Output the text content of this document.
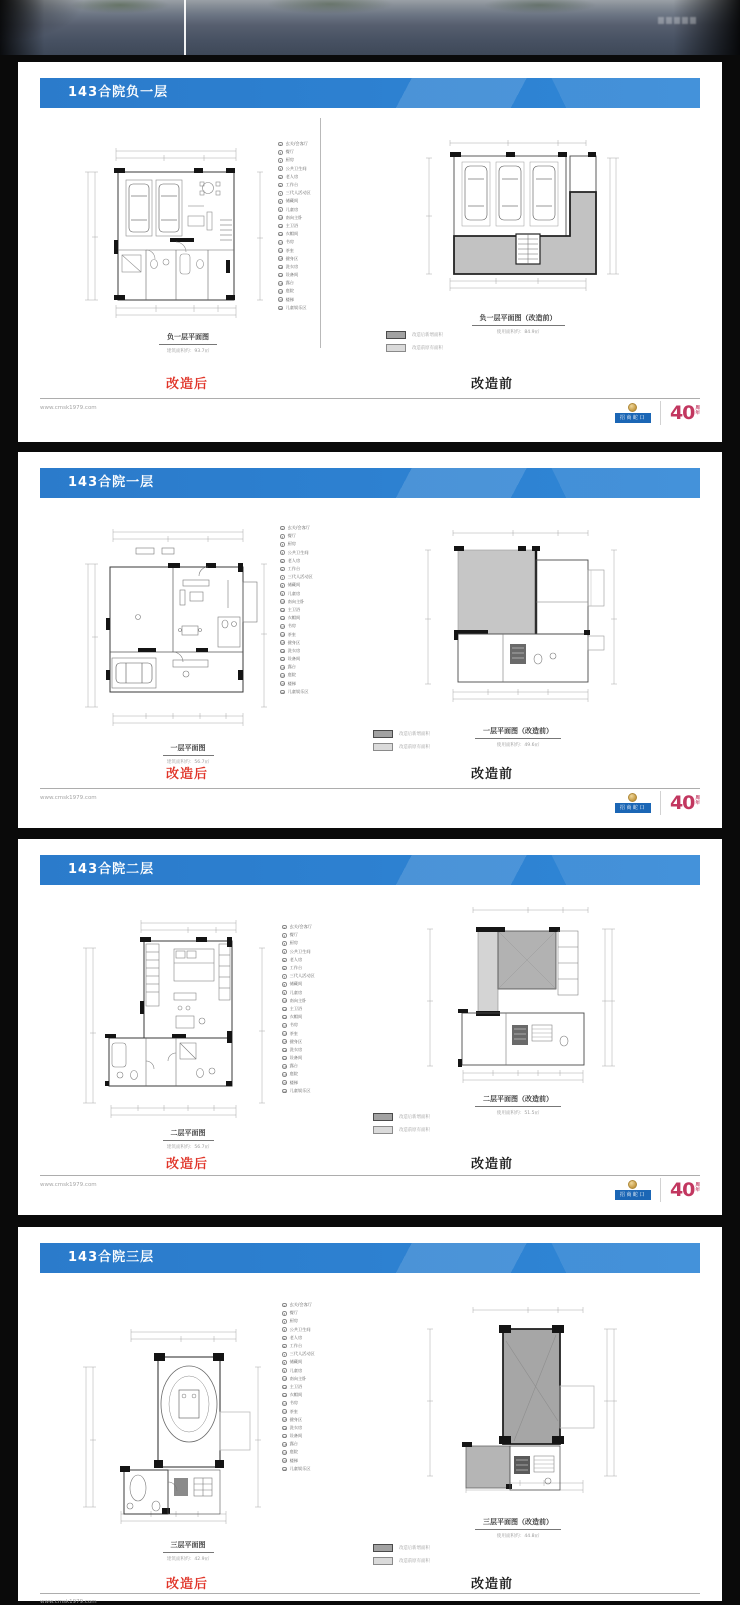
143合院负一层
1	玄关/会客厅
2	餐厅
3	厨房
4	公共卫生间
5	老人房
6	工作台
7	三代人活动区
8	储藏间
9	儿童房
10 南向主卧
11 主卫浴
12 衣帽间
13 书房
14 茶室
15 健身区
16 洗衣房
17 设备间
18 露台
19 庭院
20 楼梯
21 儿童娱乐区
负一层平面图
建筑面积约：93.7㎡
负一层平面图（改造前）
使用面积约：84.9㎡
改造后新增面积
改造前原有面积
改造后	改造前
www.cmsk1979.com
招商蛇口 40 周
年
143合院一层
1	玄关/会客厅
2	餐厅
3	厨房
4	公共卫生间
5	老人房
6	工作台
7	三代人活动区
8	储藏间
9	儿童房
10 南向主卧
11 主卫浴
12 衣帽间
13 书房
14 茶室
15 健身区
16 洗衣房
17 设备间
18 露台
19 庭院
20 楼梯
21 儿童娱乐区
一层平面图
建筑面积约：56.7㎡
一层平面图（改造前）
使用面积约：49.6㎡
改造后新增面积
改造前原有面积
改造后	改造前
www.cmsk1979.com
招商蛇口 40 周
年
143合院二层
1	玄关/会客厅
2	餐厅
3	厨房
4	公共卫生间
5	老人房
6	工作台
7	三代人活动区
8	储藏间
9	儿童房
10 南向主卧
11 主卫浴
12 衣帽间
13 书房
14 茶室
15 健身区
16 洗衣房
17 设备间
18 露台
19 庭院
20 楼梯
21 儿童娱乐区
二层平面图
建筑面积约：56.7㎡
二层平面图（改造前）
使用面积约：51.5㎡
改造后新增面积
改造前原有面积
改造后	改造前
www.cmsk1979.com
招商蛇口 40 周
年
143合院三层
1	玄关/会客厅
2	餐厅
3	厨房
4	公共卫生间
5	老人房
6	工作台
7	三代人活动区
8	储藏间
9	儿童房
10 南向主卧
11 主卫浴
12 衣帽间
13 书房
14 茶室
15 健身区
16 洗衣房
17 设备间
18 露台
19 庭院
20 楼梯
21 儿童娱乐区
三层平面图
建筑面积约：42.9㎡
三层平面图（改造前）
使用面积约：44.8㎡
改造后新增面积
改造前原有面积
改造后	改造前
www.cmsk1979.com
